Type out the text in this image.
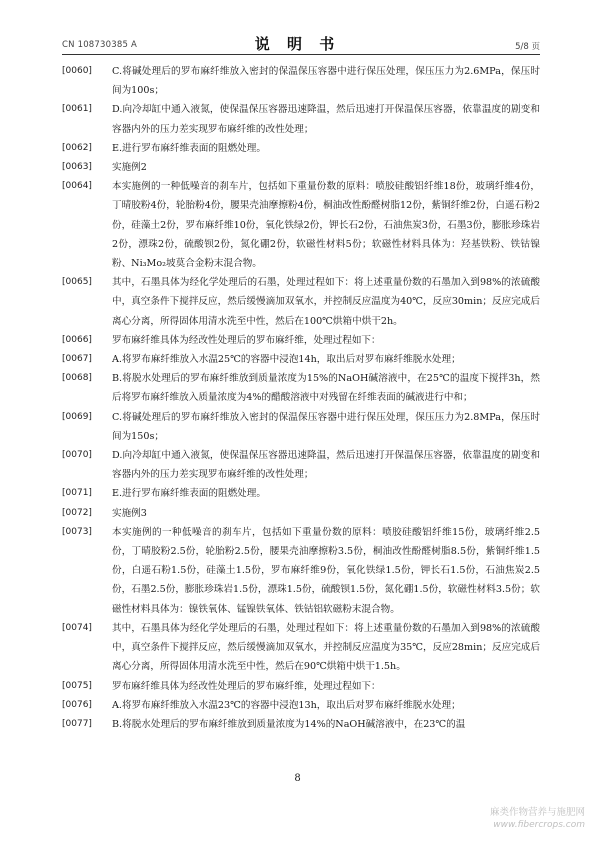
CN 108730385 A	说 明 书	5/8 页
[0060] C.将碱处理后的罗布麻纤维放入密封的保温保压容器中进行保压处理，保压压力为2.6MPa，保压时间为100s；
[0061] D.向冷却缸中通入液氮，使保温保压容器迅速降温，然后迅速打开保温保压容器，依靠温度的剧变和容器内外的压力差实现罗布麻纤维的改性处理；
[0062] E.进行罗布麻纤维表面的阻燃处理。
[0063] 实施例2
[0064] 本实施例的一种低噪音的刹车片，包括如下重量份数的原料：喷胶硅酸铝纤维18份，玻璃纤维4份，丁晴胶粉4份，轮胎粉4份，腰果壳油摩擦粉4份，桐油改性酚醛树脂12份，紫铜纤维2份，白遥石粉2份，硅藻土2份，罗布麻纤维10份，氧化铁绿2份，钾长石2份，石油焦炭3份，石墨3份，膨胀珍珠岩2份，漂珠2份，硫酸钡2份，氮化硼2份，软磁性材料5份；软磁性材料具体为：羟基铁粉、铁钴镍粉、Ni₃Mo₂坡莫合金粉末混合物。
[0065] 其中，石墨具体为经化学处理后的石墨，处理过程如下：将上述重量份数的石墨加入到98%的浓硫酸中，真空条件下搅拌反应，然后缓慢滴加双氧水，并控制反应温度为40℃，反应30min；反应完成后离心分离，所得固体用清水洗至中性，然后在100℃烘箱中烘干2h。
[0066] 罗布麻纤维具体为经改性处理后的罗布麻纤维，处理过程如下：
[0067] A.将罗布麻纤维放入水温25℃的容器中浸泡14h，取出后对罗布麻纤维脱水处理；
[0068] B.将脱水处理后的罗布麻纤维放到质量浓度为15%的NaOH碱溶液中，在25℃的温度下搅拌3h，然后将罗布麻纤维放入质量浓度为4%的醋酸溶液中对残留在纤维表面的碱液进行中和；
[0069] C.将碱处理后的罗布麻纤维放入密封的保温保压容器中进行保压处理，保压压力为2.8MPa，保压时间为150s；
[0070] D.向冷却缸中通入液氮，使保温保压容器迅速降温，然后迅速打开保温保压容器，依靠温度的剧变和容器内外的压力差实现罗布麻纤维的改性处理；
[0071] E.进行罗布麻纤维表面的阻燃处理。
[0072] 实施例3
[0073] 本实施例的一种低噪音的刹车片，包括如下重量份数的原料：喷胶硅酸铝纤维15份，玻璃纤维2.5份，丁晴胶粉2.5份，轮胎粉2.5份，腰果壳油摩擦粉3.5份，桐油改性酚醛树脂8.5份，紫铜纤维1.5份，白遥石粉1.5份，硅藻土1.5份，罗布麻纤维9份，氧化铁绿1.5份，钾长石1.5份，石油焦炭2.5份，石墨2.5份，膨胀珍珠岩1.5份，漂珠1.5份，硫酸钡1.5份，氮化硼1.5份，软磁性材料3.5份；软磁性材料具体为：镍铁氧体、锰镍铁氧体、铁钴铝软磁粉末混合物。
[0074] 其中，石墨具体为经化学处理后的石墨，处理过程如下：将上述重量份数的石墨加入到98%的浓硫酸中，真空条件下搅拌反应，然后缓慢滴加双氧水，并控制反应温度为35℃，反应28min；反应完成后离心分离，所得固体用清水洗至中性，然后在90℃烘箱中烘干1.5h。
[0075] 罗布麻纤维具体为经改性处理后的罗布麻纤维，处理过程如下：
[0076] A.将罗布麻纤维放入水温23℃的容器中浸泡13h，取出后对罗布麻纤维脱水处理；
[0077] B.将脱水处理后的罗布麻纤维放到质量浓度为14%的NaOH碱溶液中，在23℃的温
8
麻类作物营养与施肥网
www.fibercrops.com
